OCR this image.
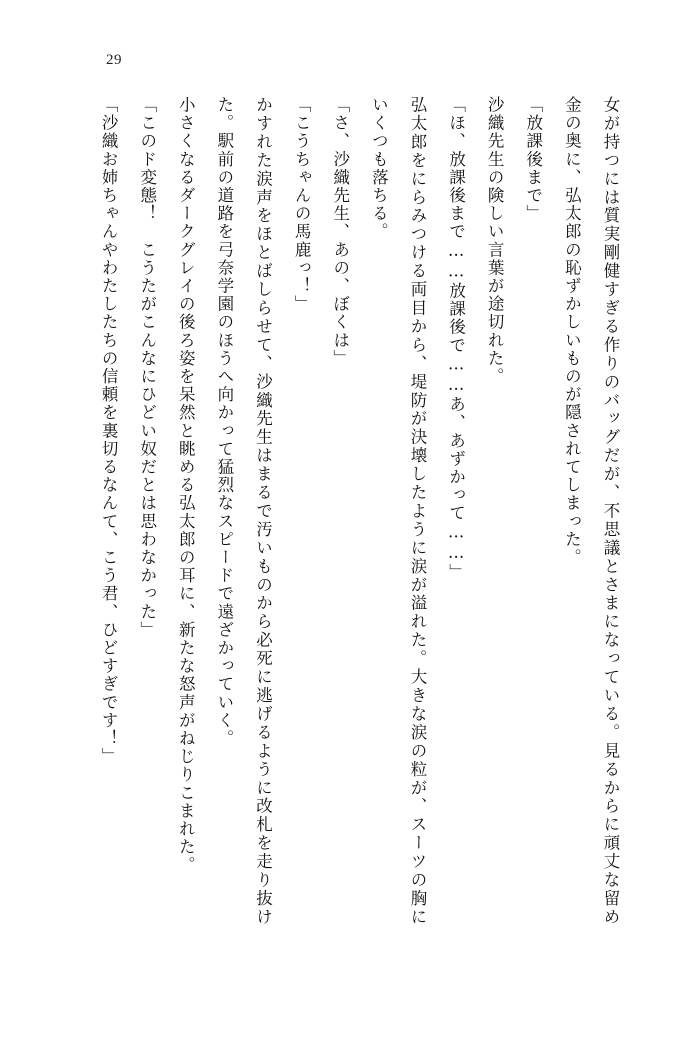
29

女が持つには質実剛健すぎる作りのバッグだが、不思議とさまになっている。見るからに頑丈な留め金の奥に、弘太郎の恥ずかしいものが隠されてしまった。

「放課後まで」

沙織先生の険しい言葉が途切れた。

「ほ、放課後まで……放課後で……あ、あずかって……」

弘太郎をにらみつける両目から、堤防が決壊したように涙が溢れた。大きな涙の粒が、スーツの胸にいくつも落ちる。

「さ、沙織先生、あの、ぼくは」

「こうちゃんの馬鹿っ！」

かすれた涙声をほとばしらせて、沙織先生はまるで汚いものから必死に逃げるように改札を走り抜けた。駅前の道路を弓奈学園のほうへ向かって猛烈なスピードで遠ざかっていく。

小さくなるダークグレイの後ろ姿を呆然と眺める弘太郎の耳に、新たな怒声がねじりこまれた。

「このド変態！　こうたがこんなにひどい奴だとは思わなかった」

「沙織お姉ちゃんやわたしたちの信頼を裏切るなんて、こう君、ひどすぎです！」
